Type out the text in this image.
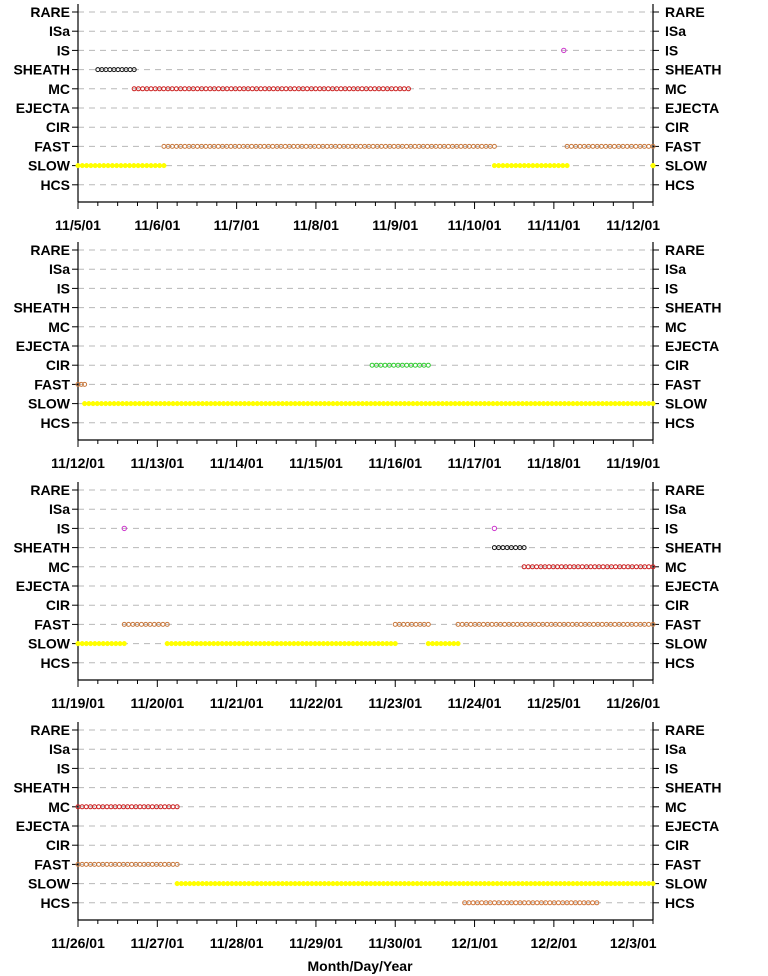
RARE	RARE
ISa	ISa
IS	IS
SHEATH	SHEATH
MC	MC
EJECTA	EJECTA
CIR	CIR
FAST	FAST
SLOW	SLOW
HCS	HCS
11/5/01 11/6/01 11/7/01 11/8/01 11/9/01 11/10/01 11/11/01 11/12/01
RARE	RARE
ISa	ISa
IS	IS
SHEATH	SHEATH
MC	MC
EJECTA	EJECTA
CIR	CIR
FAST	FAST
SLOW	SLOW
HCS	HCS
11/12/01 11/13/01 11/14/01 11/15/01 11/16/01 11/17/01 11/18/01 11/19/01
RARE	RARE
ISa	ISa
IS	IS
SHEATH	SHEATH
MC	MC
EJECTA	EJECTA
CIR	CIR
FAST	FAST
SLOW	SLOW
HCS	HCS
11/19/01 11/20/01 11/21/01 11/22/01 11/23/01 11/24/01 11/25/01 11/26/01
RARE	RARE
ISa	ISa
IS	IS
SHEATH	SHEATH
MC	MC
EJECTA	EJECTA
CIR	CIR
FAST	FAST
SLOW	SLOW
HCS	HCS
11/26/01 11/27/01 11/28/01 11/29/01 11/30/01 12/1/01 12/2/01 12/3/01
Month/Day/Year
